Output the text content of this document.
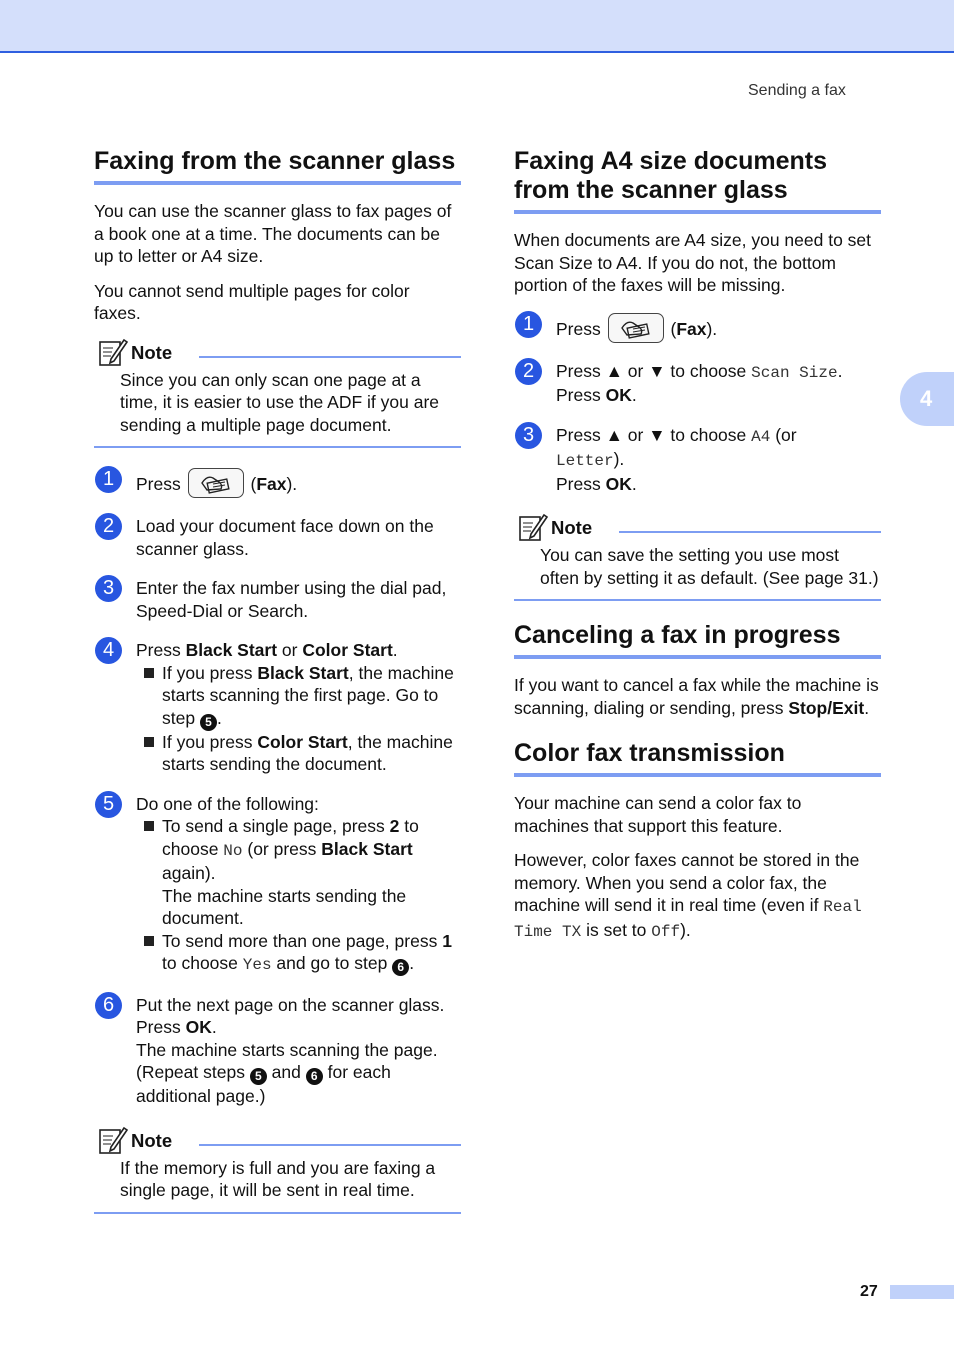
Sending a fax
4
Faxing from the scanner glass

You can use the scanner glass to fax pages of a book one at a time. The documents can be up to letter or A4 size.

You cannot send multiple pages for color faxes.

Note
Since you can only scan one page at a time, it is easier to use the ADF if you are sending a multiple page document.
1	Press	(Fax).
2	Load your document face down on the scanner glass.
3	Enter the fax number using the dial pad, Speed-Dial or Search.
4	Press Black Start or Color Start.
If you press Black Start, the machine starts scanning the first page. Go to step 5 .
If you press Color Start, the machine starts sending the document.
5	Do one of the following:
To send a single page, press 2 to choose No (or press Black Start again).
The machine starts sending the document.
To send more than one page, press 1 to choose Yes and go to step 6 .
6	Put the next page on the scanner glass.
Press OK.
The machine starts scanning the page. (Repeat steps 5 and 6 for each additional page.)
Note
If the memory is full and you are faxing a single page, it will be sent in real time.
Faxing A4 size documents from the scanner glass

When documents are A4 size, you need to set Scan Size to A4. If you do not, the bottom portion of the faxes will be missing.

1	Press	(Fax).
2	Press ▲ or ▼ to choose Scan Size.
Press OK.
3	Press ▲ or ▼ to choose A4 (or
Letter).
Press OK.
Note
You can save the setting you use most often by setting it as default. (See page 31.)
Canceling a fax in progress

If you want to cancel a fax while the machine is scanning, dialing or sending, press Stop/Exit.

Color fax transmission

Your machine can send a color fax to machines that support this feature.

However, color faxes cannot be stored in the memory. When you send a color fax, the machine will send it in real time (even if Real Time TX is set to Off).

27
